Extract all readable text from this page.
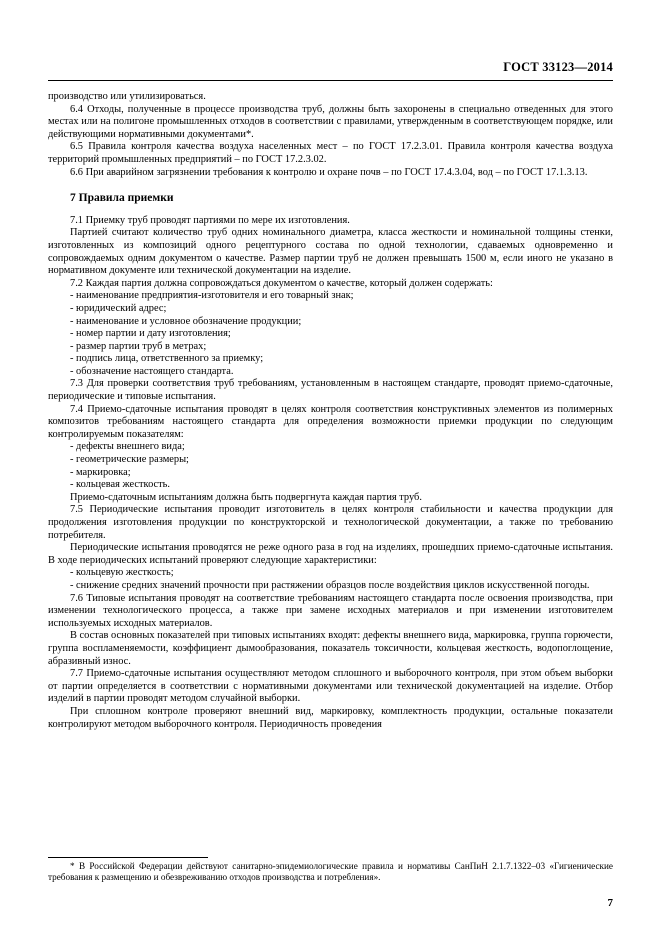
ГОСТ 33123—2014

производство или утилизироваться.

6.4 Отходы, полученные в процессе производства труб, должны быть захоронены в специально отведенных для этого местах или на полигоне промышленных отходов в соответствии с правилами, утвержденным в соответствующем порядке, или действующими нормативными документами*.

6.5 Правила контроля качества воздуха населенных мест – по ГОСТ 17.2.3.01. Правила контроля качества воздуха территорий промышленных предприятий – по ГОСТ 17.2.3.02.

6.6 При аварийном загрязнении требования к контролю и охране почв – по ГОСТ 17.4.3.04, вод – по ГОСТ 17.1.3.13.

7 Правила приемки

7.1 Приемку труб проводят партиями по мере их изготовления.

Партией считают количество труб одних номинального диаметра, класса жесткости и номинальной толщины стенки, изготовленных из композиций одного рецептурного состава по одной технологии, сдаваемых одновременно и сопровождаемых одним документом о качестве. Размер партии труб не должен превышать 1500 м, если иного не указано в нормативном документе или технической документации на изделие.

7.2 Каждая партия должна сопровождаться документом о качестве, который должен содержать:

- наименование предприятия-изготовителя и его товарный знак;

- юридический адрес;

- наименование и условное обозначение продукции;

- номер партии и дату изготовления;

- размер партии труб в метрах;

- подпись лица, ответственного за приемку;

- обозначение настоящего стандарта.

7.3 Для проверки соответствия труб требованиям, установленным в настоящем стандарте, проводят приемо-сдаточные, периодические и типовые испытания.

7.4 Приемо-сдаточные испытания проводят в целях контроля соответствия конструктивных элементов из полимерных композитов требованиям настоящего стандарта для определения возможности приемки продукции по следующим контролируемым показателям:

- дефекты внешнего вида;

- геометрические размеры;

- маркировка;

- кольцевая жесткость.

Приемо-сдаточным испытаниям должна быть подвергнута каждая партия труб.

7.5 Периодические испытания проводит изготовитель в целях контроля стабильности и качества продукции для продолжения изготовления продукции по конструкторской и технологической документации, а также по требованию потребителя.

Периодические испытания проводятся не реже одного раза в год на изделиях, прошедших приемо-сдаточные испытания. В ходе периодических испытаний проверяют следующие характеристики:

- кольцевую жесткость;

- снижение средних значений прочности при растяжении образцов после воздействия циклов искусственной погоды.

7.6 Типовые испытания проводят на соответствие требованиям настоящего стандарта после освоения производства, при изменении технологического процесса, а также при замене исходных материалов и при изменении изготовителем используемых исходных материалов.

В состав основных показателей при типовых испытаниях входят: дефекты внешнего вида, маркировка, группа горючести, группа воспламеняемости, коэффициент дымообразования, показатель токсичности, кольцевая жесткость, водопоглощение, абразивный износ.

7.7 Приемо-сдаточные испытания осуществляют методом сплошного и выборочного контроля, при этом объем выборки от партии определяется в соответствии с нормативными документами или технической документацией на изделие. Отбор изделий в партии проводят методом случайной выборки.

При сплошном контроле проверяют внешний вид, маркировку, комплектность продукции, остальные показатели контролируют методом выборочного контроля. Периодичность проведения

* В Российской Федерации действуют санитарно-эпидемиологические правила и нормативы СанПиН 2.1.7.1322–03 «Гигиенические требования к размещению и обезвреживанию отходов производства и потребления».

7
